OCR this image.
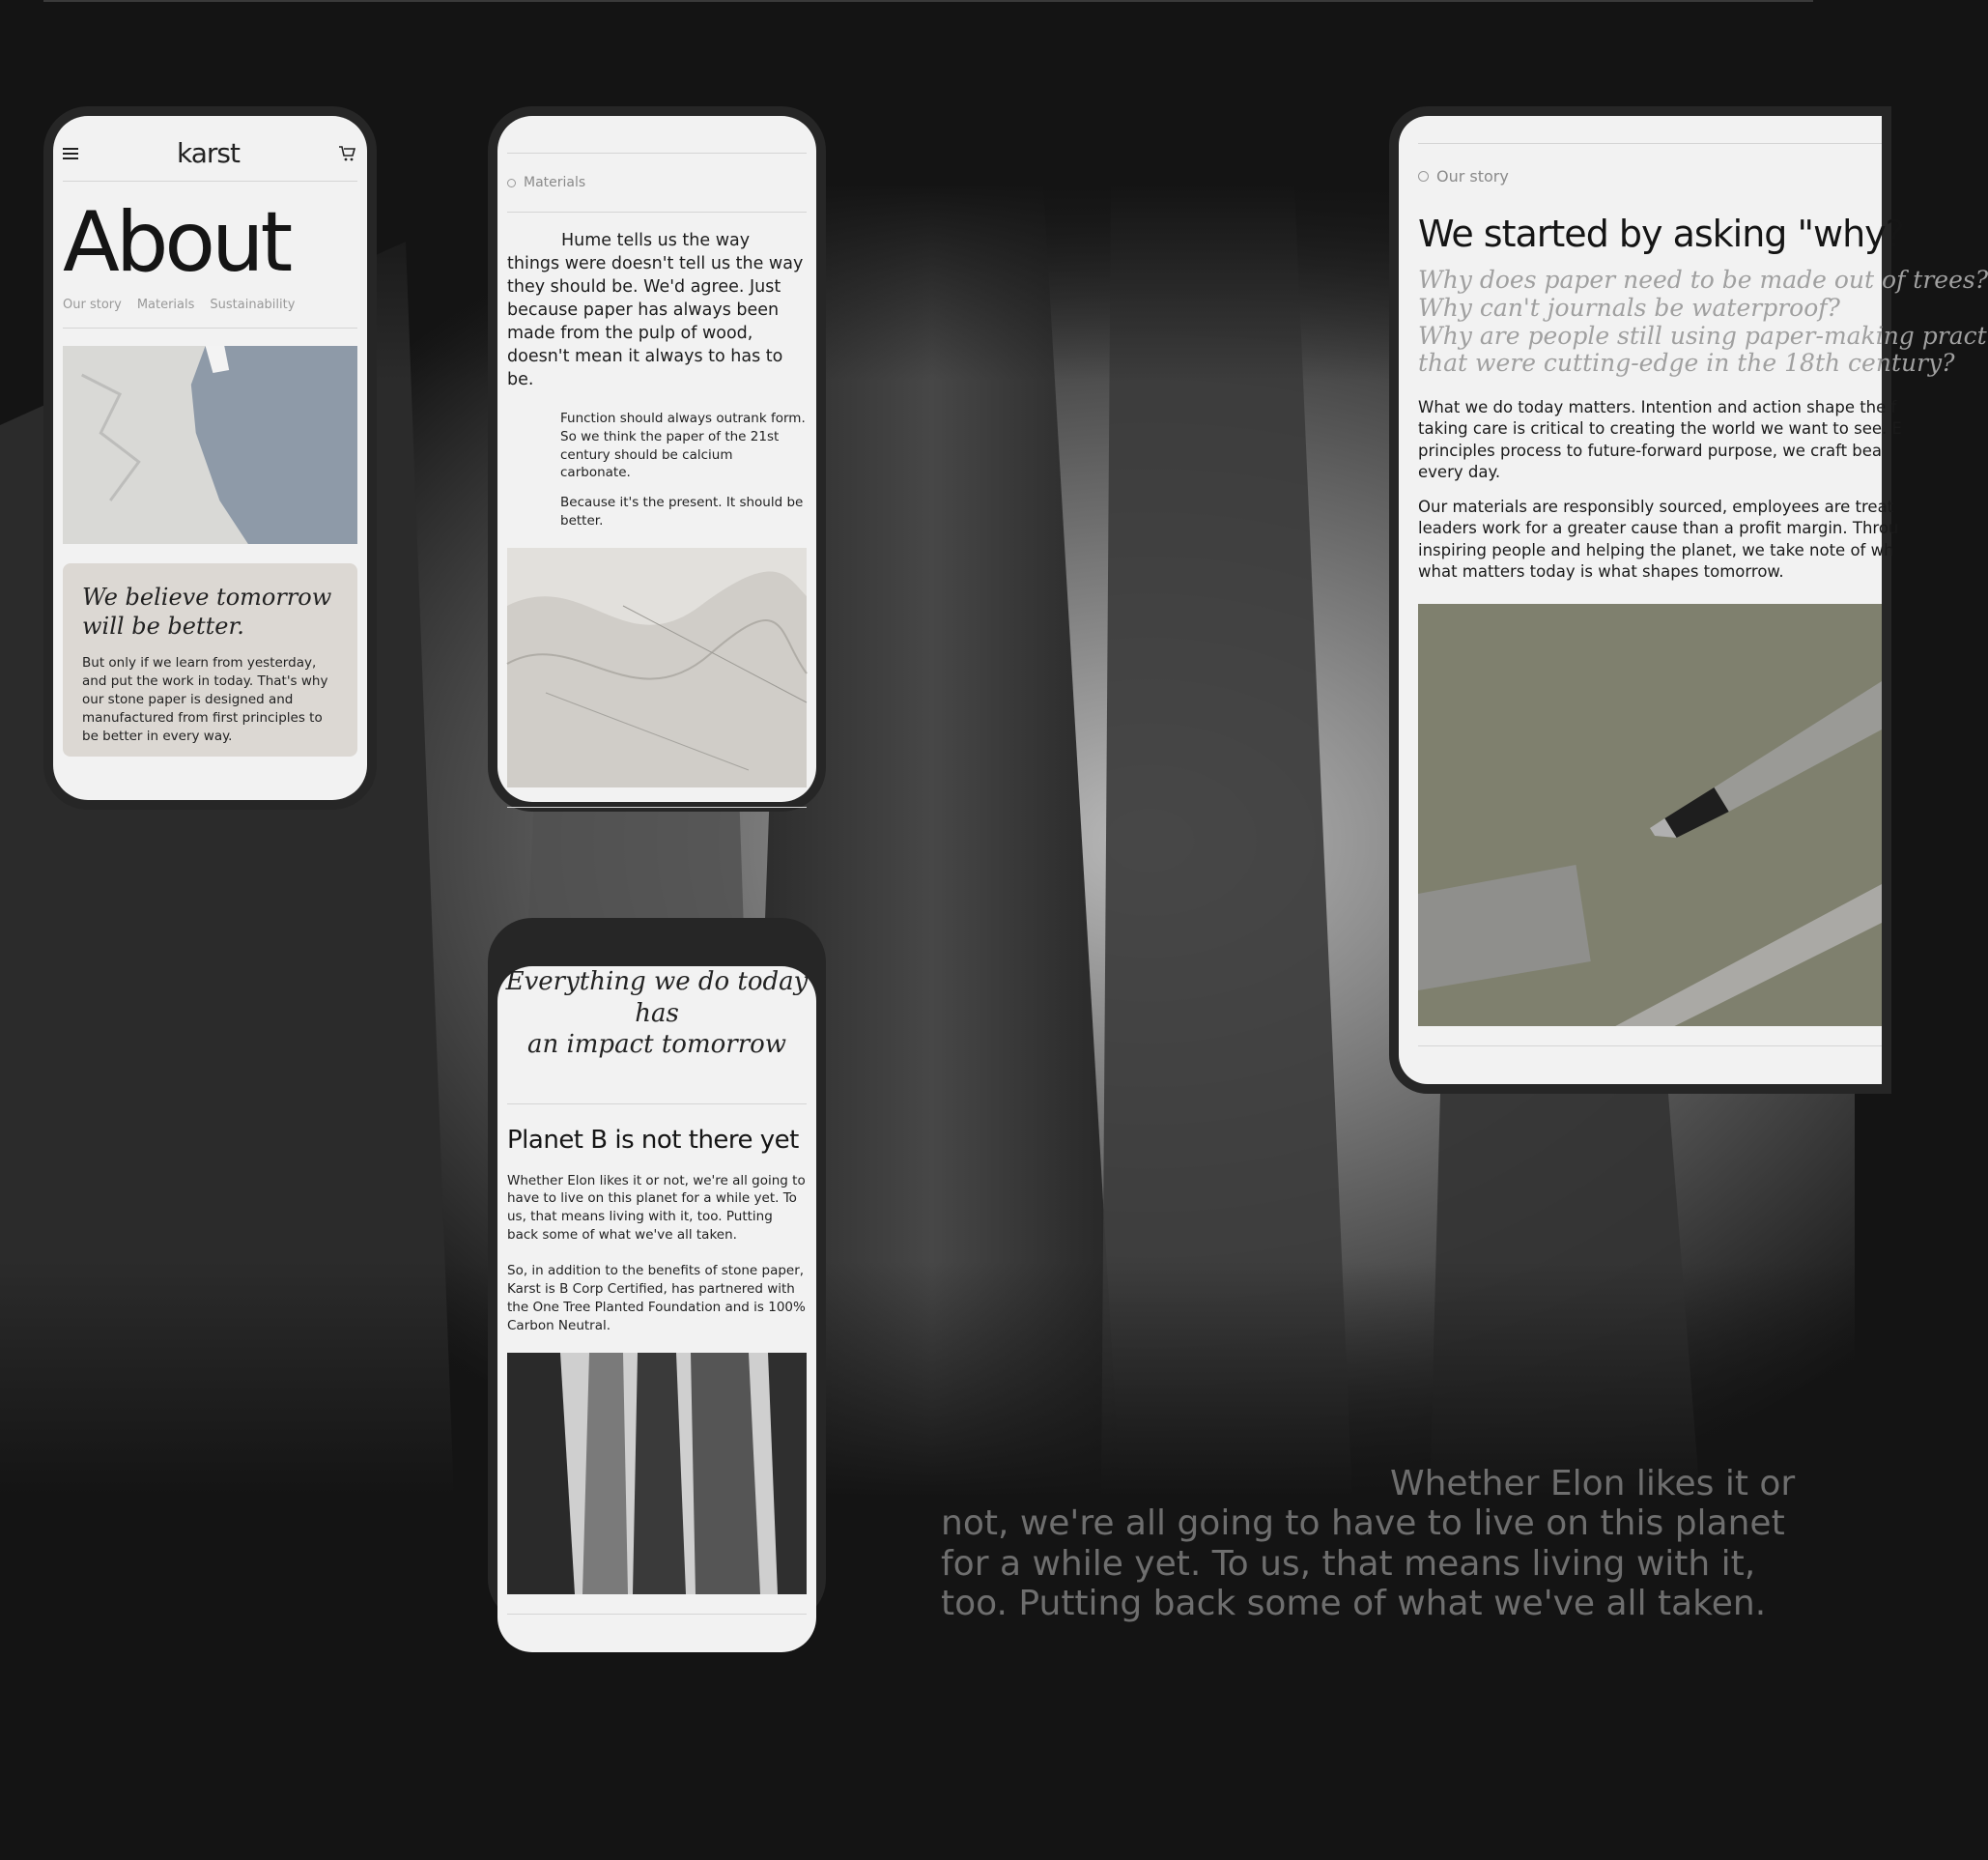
karst
About
Our story Materials Sustainability
We believe tomorrow
will be better.

But only if we learn from yesterday, and put the work in today. That's why our stone paper is designed and manufactured from first principles to be better in every way.

Materials

Hume tells us the way things were doesn't tell us the way they should be. We'd agree. Just because paper has always been made from the pulp of wood, doesn't mean it always to has to be.

Function should always outrank form. So we think the paper of the 21st century should be calcium carbonate.

Because it's the present. It should be better.

Everything we do today has
an impact tomorrow
Planet B is not there yet

Whether Elon likes it or not, we're all going to have to live on this planet for a while yet. To us, that means living with it, too. Putting back some of what we've all taken.

So, in addition to the benefits of stone paper, Karst is B Corp Certified, has partnered with the One Tree Planted Foundation and is 100% Carbon Neutral.

Our story
We started by asking "why?
Why does paper need to be made out of trees?
Why can't journals be waterproof?
Why are people still using paper-making pract
that were cutting-edge in the 18th century?
What we do today matters. Intention and action shape the f
taking care is critical to creating the world we want to see. E
principles process to future-forward purpose, we craft bea
every day.
Our materials are responsibly sourced, employees are treat
leaders work for a greater cause than a profit margin. Throu
inspiring people and helping the planet, we take note of wh
what matters today is what shapes tomorrow.
Whether Elon likes it or not, we're all going to have to live on this planet for a while yet. To us, that means living with it, too. Putting back some of what we've all taken.
